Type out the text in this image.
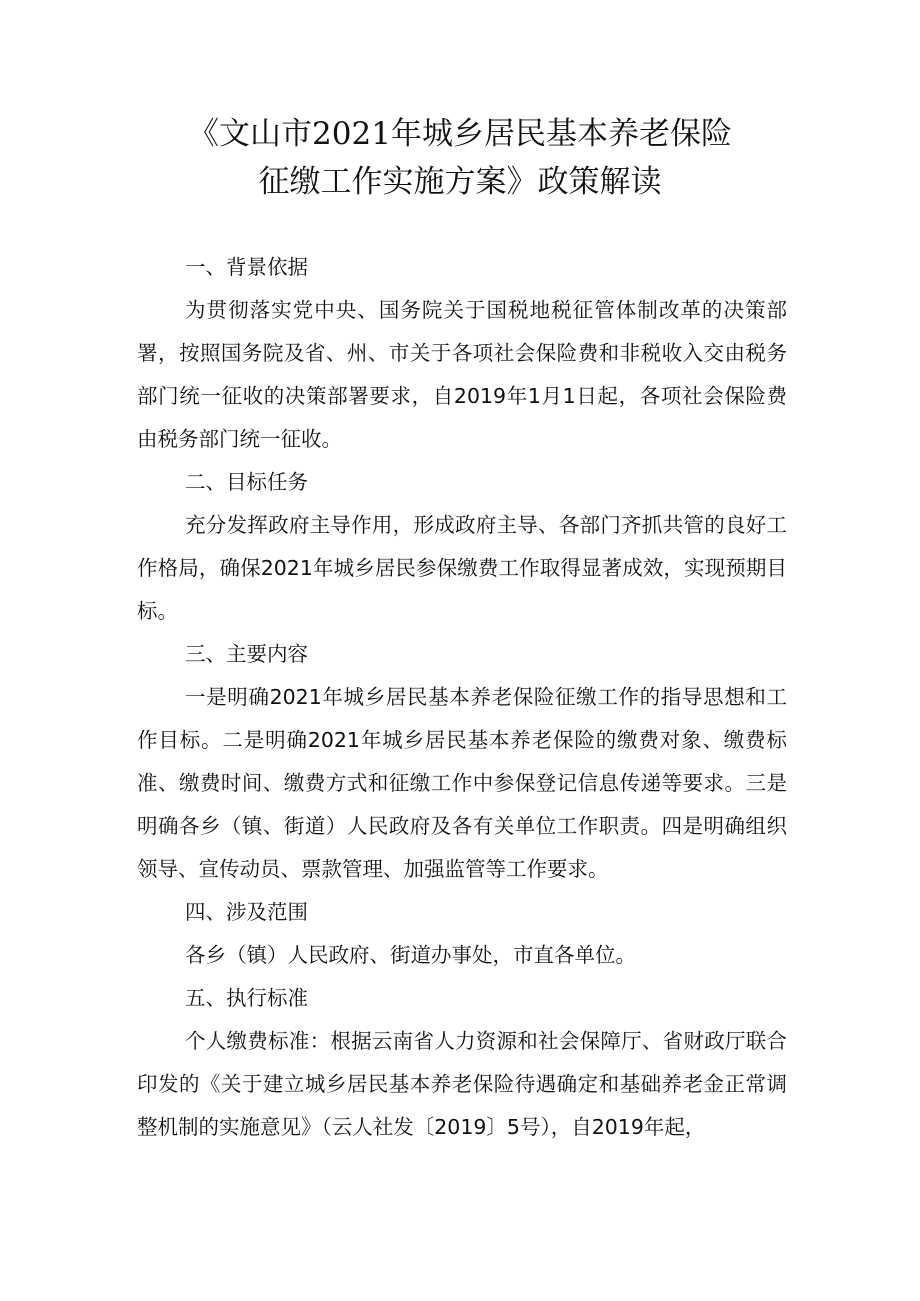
《文山市2021年城乡居民基本养老保险
征缴工作实施方案》政策解读
一、背景依据
为贯彻落实党中央、国务院关于国税地税征管体制改革的决策部署，按照国务院及省、州、市关于各项社会保险费和非税收入交由税务部门统一征收的决策部署要求，自2019年1月1日起，各项社会保险费由税务部门统一征收。
二、目标任务
充分发挥政府主导作用，形成政府主导、各部门齐抓共管的良好工作格局，确保2021年城乡居民参保缴费工作取得显著成效，实现预期目标。
三、主要内容
一是明确2021年城乡居民基本养老保险征缴工作的指导思想和工作目标。二是明确2021年城乡居民基本养老保险的缴费对象、缴费标准、缴费时间、缴费方式和征缴工作中参保登记信息传递等要求。三是明确各乡（镇、街道）人民政府及各有关单位工作职责。四是明确组织领导、宣传动员、票款管理、加强监管等工作要求。
四、涉及范围
各乡（镇）人民政府、街道办事处，市直各单位。
五、执行标准
个人缴费标准：根据云南省人力资源和社会保障厅、省财政厅联合印发的《关于建立城乡居民基本养老保险待遇确定和基础养老金正常调整机制的实施意见》（云人社发〔2019〕5号），自2019年起，
